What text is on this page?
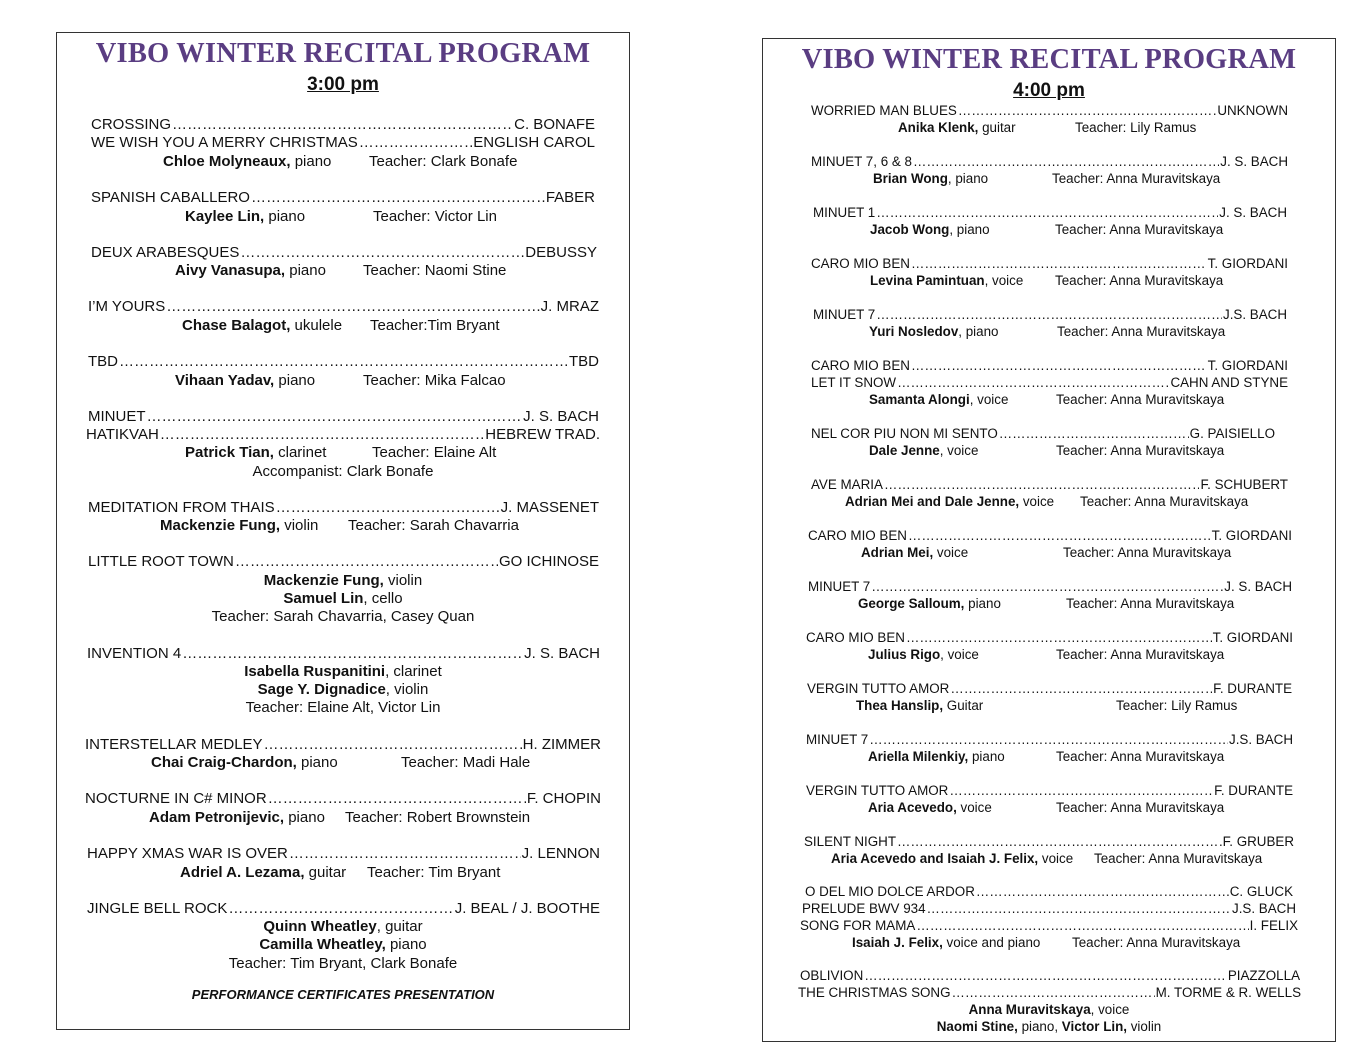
VIBO WINTER RECITAL PROGRAM
3:00 pm
CROSSING …………………………………………………………………………………………………………………………………………………………………………………………	C. BONAFE
WE WISH YOU A MERRY CHRISTMAS …………………………………………………………………………………………………………………………………………………………………………………………	ENGLISH CAROL
Chloe Molyneaux, piano	Teacher: Clark Bonafe
SPANISH CABALLERO …………………………………………………………………………………………………………………………………………………………………………………………	FABER
Kaylee Lin, piano	Teacher: Victor Lin
DEUX ARABESQUES …………………………………………………………………………………………………………………………………………………………………………………………	DEBUSSY
Aivy Vanasupa, piano Teacher: Naomi Stine
I’M YOURS …………………………………………………………………………………………………………………………………………………………………………………………	J. MRAZ
Chase Balagot, ukulele Teacher:Tim Bryant
TBD …………………………………………………………………………………………………………………………………………………………………………………………	TBD
Vihaan Yadav, piano	Teacher: Mika Falcao
MINUET …………………………………………………………………………………………………………………………………………………………………………………………	J. S. BACH
HATIKVAH …………………………………………………………………………………………………………………………………………………………………………………………	HEBREW TRAD.
Patrick Tian, clarinet	Teacher: Elaine Alt
Accompanist: Clark Bonafe
MEDITATION FROM THAIS …………………………………………………………………………………………………………………………………………………………………………………………	J. MASSENET
Mackenzie Fung, violin Teacher: Sarah Chavarria
LITTLE ROOT TOWN …………………………………………………………………………………………………………………………………………………………………………………………	GO ICHINOSE
Mackenzie Fung, violin
Samuel Lin, cello
Teacher: Sarah Chavarria, Casey Quan
INVENTION 4 …………………………………………………………………………………………………………………………………………………………………………………………	J. S. BACH
Isabella Ruspanitini, clarinet
Sage Y. Dignadice, violin
Teacher: Elaine Alt, Victor Lin
INTERSTELLAR MEDLEY …………………………………………………………………………………………………………………………………………………………………………………………	H. ZIMMER
Chai Craig-Chardon, piano	Teacher: Madi Hale
NOCTURNE IN C# MINOR …………………………………………………………………………………………………………………………………………………………………………………………	F. CHOPIN
Adam Petronijevic, piano Teacher: Robert Brownstein
HAPPY XMAS WAR IS OVER …………………………………………………………………………………………………………………………………………………………………………………………	J. LENNON
Adriel A. Lezama, guitar Teacher: Tim Bryant
JINGLE BELL ROCK …………………………………………………………………………………………………………………………………………………………………………………………	J. BEAL / J. BOOTHE
Quinn Wheatley, guitar
Camilla Wheatley, piano
Teacher: Tim Bryant, Clark Bonafe
PERFORMANCE CERTIFICATES PRESENTATION
VIBO WINTER RECITAL PROGRAM
4:00 pm
WORRIED MAN BLUES …………………………………………………………………………………………………………………………………………………………………………………………	UNKNOWN
Anika Klenk, guitar	Teacher: Lily Ramus
MINUET 7, 6 & 8 …………………………………………………………………………………………………………………………………………………………………………………………	J. S. BACH
Brian Wong, piano	Teacher: Anna Muravitskaya
MINUET 1 …………………………………………………………………………………………………………………………………………………………………………………………	J. S. BACH
Jacob Wong, piano	Teacher: Anna Muravitskaya
CARO MIO BEN …………………………………………………………………………………………………………………………………………………………………………………………	T. GIORDANI
Levina Pamintuan, voice Teacher: Anna Muravitskaya
MINUET 7 …………………………………………………………………………………………………………………………………………………………………………………………	J.S. BACH
Yuri Nosledov, piano	Teacher: Anna Muravitskaya
CARO MIO BEN …………………………………………………………………………………………………………………………………………………………………………………………	T. GIORDANI
LET IT SNOW …………………………………………………………………………………………………………………………………………………………………………………………	CAHN AND STYNE
Samanta Alongi, voice	Teacher: Anna Muravitskaya
NEL COR PIU NON MI SENTO …………………………………………………………………………………………………………………………………………………………………………………………	G. PAISIELLO
Dale Jenne, voice	Teacher: Anna Muravitskaya
AVE MARIA …………………………………………………………………………………………………………………………………………………………………………………………	F. SCHUBERT
Adrian Mei and Dale Jenne, voice Teacher: Anna Muravitskaya
CARO MIO BEN …………………………………………………………………………………………………………………………………………………………………………………………	T. GIORDANI
Adrian Mei, voice	Teacher: Anna Muravitskaya
MINUET 7 …………………………………………………………………………………………………………………………………………………………………………………………	J. S. BACH
George Salloum, piano	Teacher: Anna Muravitskaya
CARO MIO BEN …………………………………………………………………………………………………………………………………………………………………………………………	T. GIORDANI
Julius Rigo, voice	Teacher: Anna Muravitskaya
VERGIN TUTTO AMOR …………………………………………………………………………………………………………………………………………………………………………………………	F. DURANTE
Thea Hanslip, Guitar	Teacher: Lily Ramus
MINUET 7 …………………………………………………………………………………………………………………………………………………………………………………………	J.S. BACH
Ariella Milenkiy, piano	Teacher: Anna Muravitskaya
VERGIN TUTTO AMOR …………………………………………………………………………………………………………………………………………………………………………………………	F. DURANTE
Aria Acevedo, voice	Teacher: Anna Muravitskaya
SILENT NIGHT …………………………………………………………………………………………………………………………………………………………………………………………	F. GRUBER
Aria Acevedo and Isaiah J. Felix, voice Teacher: Anna Muravitskaya
O DEL MIO DOLCE ARDOR …………………………………………………………………………………………………………………………………………………………………………………………	C. GLUCK
PRELUDE BWV 934 …………………………………………………………………………………………………………………………………………………………………………………………	J.S. BACH
SONG FOR MAMA …………………………………………………………………………………………………………………………………………………………………………………………	I. FELIX
Isaiah J. Felix, voice and piano Teacher: Anna Muravitskaya
OBLIVION …………………………………………………………………………………………………………………………………………………………………………………………	PIAZZOLLA
THE CHRISTMAS SONG …………………………………………………………………………………………………………………………………………………………………………………………	M. TORME & R. WELLS
Anna Muravitskaya, voice
Naomi Stine, piano, Victor Lin, violin
